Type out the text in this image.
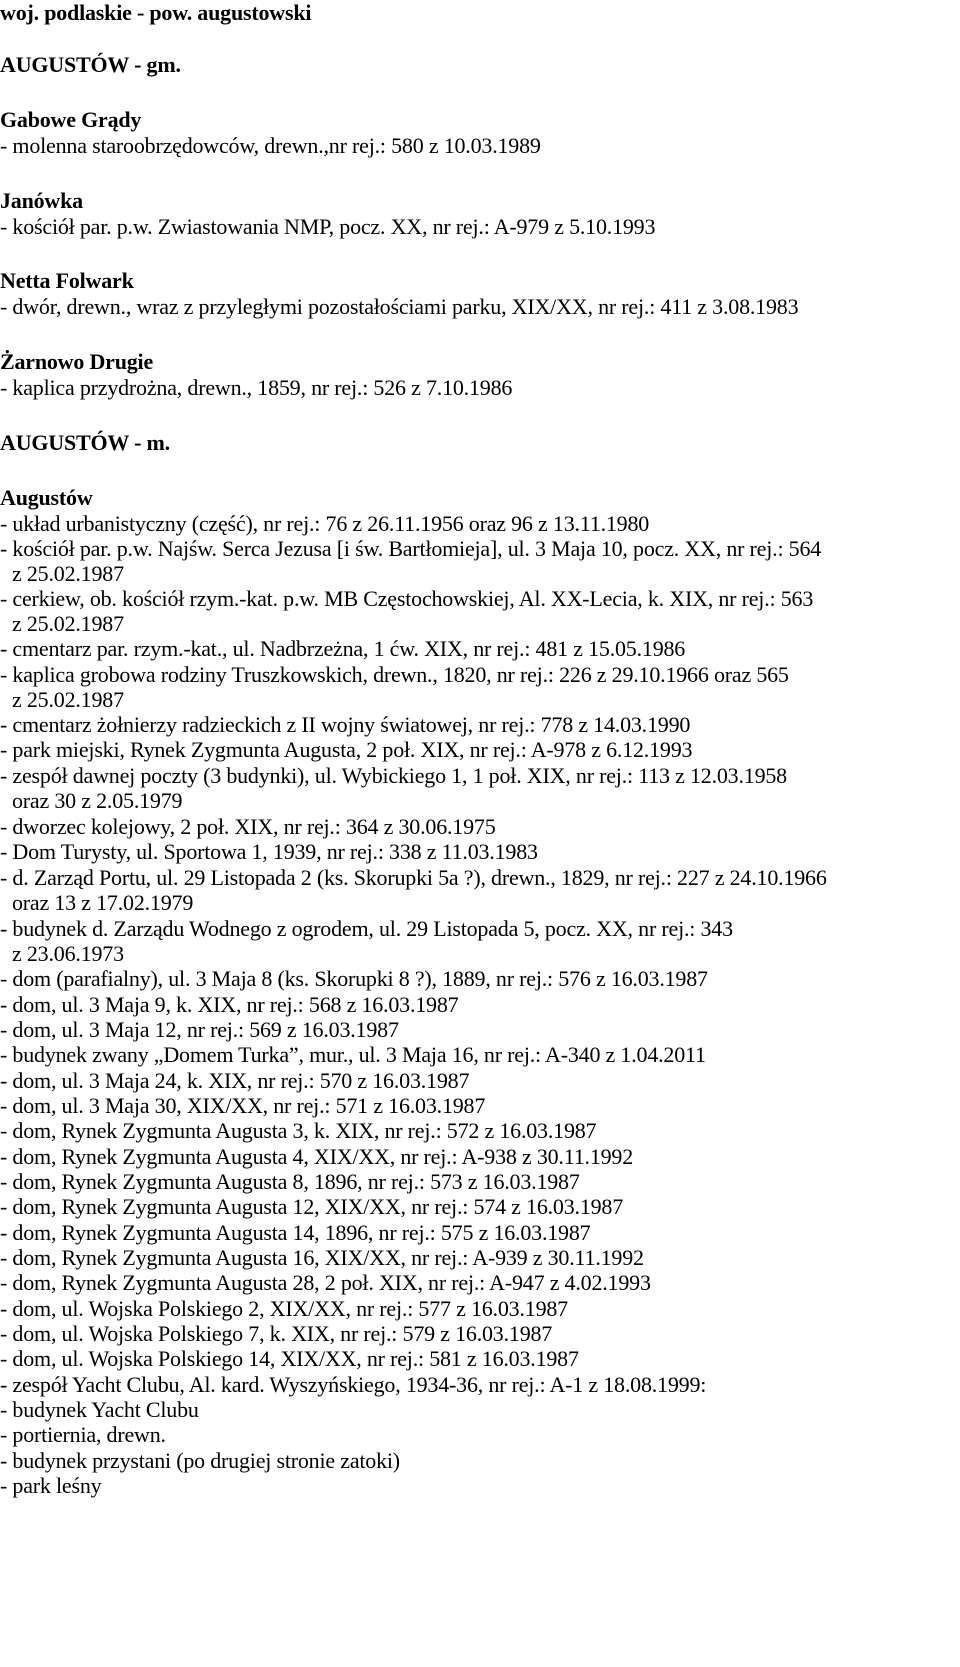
woj. podlaskie - pow. augustowski
AUGUSTÓW - gm.
Gabowe Grądy
- molenna staroobrzędowców, drewn.,nr rej.: 580 z 10.03.1989
Janówka
- kościół par. p.w. Zwiastowania NMP, pocz. XX, nr rej.: A-979 z 5.10.1993
Netta Folwark
- dwór, drewn., wraz z przyległymi pozostałościami parku, XIX/XX, nr rej.: 411 z 3.08.1983
Żarnowo Drugie
- kaplica przydrożna, drewn., 1859, nr rej.: 526 z 7.10.1986
AUGUSTÓW - m.
Augustów
- układ urbanistyczny (część), nr rej.: 76 z 26.11.1956 oraz 96 z 13.11.1980
- kościół par. p.w. Najśw. Serca Jezusa [i św. Bartłomieja], ul. 3 Maja 10, pocz. XX, nr rej.: 564
z 25.02.1987
- cerkiew, ob. kościół rzym.-kat. p.w. MB Częstochowskiej, Al. XX-Lecia, k. XIX, nr rej.: 563
z 25.02.1987
- cmentarz par. rzym.-kat., ul. Nadbrzeżna, 1 ćw. XIX, nr rej.: 481 z 15.05.1986
- kaplica grobowa rodziny Truszkowskich, drewn., 1820, nr rej.: 226 z 29.10.1966 oraz 565
z 25.02.1987
- cmentarz żołnierzy radzieckich z II wojny światowej, nr rej.: 778 z 14.03.1990
- park miejski, Rynek Zygmunta Augusta, 2 poł. XIX, nr rej.: A-978 z 6.12.1993
- zespół dawnej poczty (3 budynki), ul. Wybickiego 1, 1 poł. XIX, nr rej.: 113 z 12.03.1958
oraz 30 z 2.05.1979
- dworzec kolejowy, 2 poł. XIX, nr rej.: 364 z 30.06.1975
- Dom Turysty, ul. Sportowa 1, 1939, nr rej.: 338 z 11.03.1983
- d. Zarząd Portu, ul. 29 Listopada 2 (ks. Skorupki 5a ?), drewn., 1829, nr rej.: 227 z 24.10.1966
oraz 13 z 17.02.1979
- budynek d. Zarządu Wodnego z ogrodem, ul. 29 Listopada 5, pocz. XX, nr rej.: 343
z 23.06.1973
- dom (parafialny), ul. 3 Maja 8 (ks. Skorupki 8 ?), 1889, nr rej.: 576 z 16.03.1987
- dom, ul. 3 Maja 9, k. XIX, nr rej.: 568 z 16.03.1987
- dom, ul. 3 Maja 12, nr rej.: 569 z 16.03.1987
- budynek zwany „Domem Turka”, mur., ul. 3 Maja 16, nr rej.: A-340 z 1.04.2011
- dom, ul. 3 Maja 24, k. XIX, nr rej.: 570 z 16.03.1987
- dom, ul. 3 Maja 30, XIX/XX, nr rej.: 571 z 16.03.1987
- dom, Rynek Zygmunta Augusta 3, k. XIX, nr rej.: 572 z 16.03.1987
- dom, Rynek Zygmunta Augusta 4, XIX/XX, nr rej.: A-938 z 30.11.1992
- dom, Rynek Zygmunta Augusta 8, 1896, nr rej.: 573 z 16.03.1987
- dom, Rynek Zygmunta Augusta 12, XIX/XX, nr rej.: 574 z 16.03.1987
- dom, Rynek Zygmunta Augusta 14, 1896, nr rej.: 575 z 16.03.1987
- dom, Rynek Zygmunta Augusta 16, XIX/XX, nr rej.: A-939 z 30.11.1992
- dom, Rynek Zygmunta Augusta 28, 2 poł. XIX, nr rej.: A-947 z 4.02.1993
- dom, ul. Wojska Polskiego 2, XIX/XX, nr rej.: 577 z 16.03.1987
- dom, ul. Wojska Polskiego 7, k. XIX, nr rej.: 579 z 16.03.1987
- dom, ul. Wojska Polskiego 14, XIX/XX, nr rej.: 581 z 16.03.1987
- zespół Yacht Clubu, Al. kard. Wyszyńskiego, 1934-36, nr rej.: A-1 z 18.08.1999:
- budynek Yacht Clubu
- portiernia, drewn.
- budynek przystani (po drugiej stronie zatoki)
- park leśny
